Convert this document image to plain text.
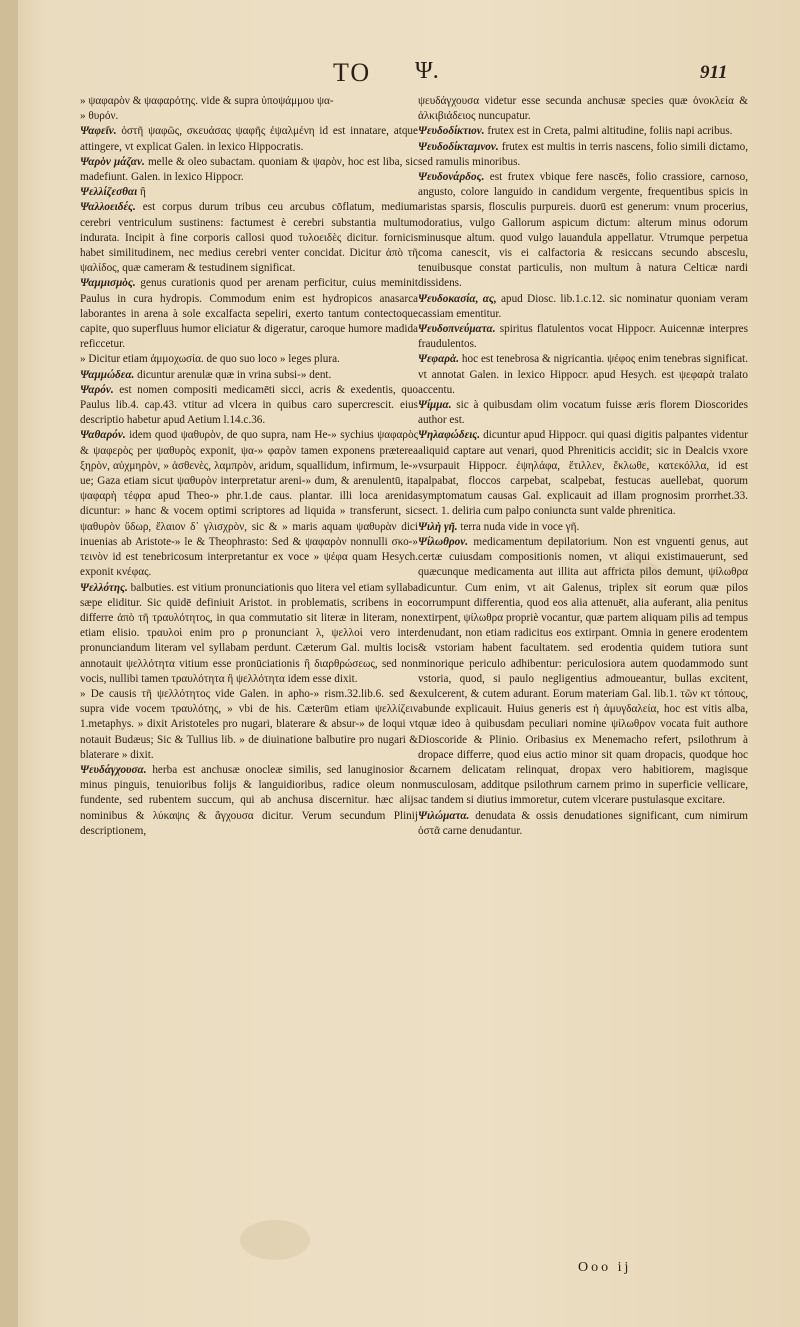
TO Ψ.	911
» ψαφαρὸν & ψαφαρότης. vide & supra ὑποψάμμου ψα-
» θυρόν.
Ψαφεῖν. ὀστῆ ψαφῶς, σκευάσας ψαφῆς ἐψαλμένη id est innatare, atque attingere, vt explicat Galen. in lexico Hippocratis.
Ψαρὸν μάζαν. melle & oleo subactam. quoniam & ψαρὸν, hoc est liba, sic madefiunt. Galen. in lexico Hippocr.
Ψελλίζεσθαι ἢ
Ψαλλοειδές. est corpus durum tribus ceu arcubus cōflatum, medium cerebri ventriculum sustinens: factumest è cerebri substantia multum indurata. Incipit à fine corporis callosi quod τυλοειδὲς dicitur. fornicis habet similitudinem, nec medius cerebri venter concidat. Dicitur ἀπὸ τῆ ψαλίδος, quæ cameram & testudinem significat.
Ψαμμισμὸς. genus curationis quod per arenam perficitur, cuius meminit Paulus in cura hydropis. Commodum enim est hydropicos anasarca laborantes in arena à sole excalfacta sepeliri, exerto tantum contectoque capite, quo superfluus humor eliciatur & digeratur, caroque humore madida reficcetur.
» Dicitur etiam ἀμμοχωσία. de quo suo loco » leges plura.
Ψαμμώδεα. dicuntur arenulæ quæ in vrina subsi-» dent.
Ψαρόν. est nomen compositi medicamēti sicci, acris & exedentis, quo Paulus lib.4. cap.43. vtitur ad vlcera in quibus caro supercrescit. eius descriptio habetur apud Aetium l.14.c.36.
Ψαθαρόν. idem quod ψαθυρὸν, de quo supra, nam He-» sychius ψαφαρὸς & ψαφερὸς per ψαθυρὸς exponit, ψα-» φαρὸν tamen exponens præterea ξηρὸν, αὐχμηρὸν, » ἀσθενὲς, λαμπρὸν, aridum, squallidum, infirmum, le-» ue; Gaza etiam sicut ψαθυρὸν interpretatur areni-» dum, & arenulentū, ita ψαφαρὴ τέφρα apud Theo-» phr.1.de caus. plantar. illi loca arenida dicuntur: » hanc & vocem optimi scriptores ad liquida » transferunt, sic ψαθυρὸν ὕδωρ, ἔλαιον δ᾽ γλισχρὸν, sic & » maris aquam ψαθυρὰν dici inuenias ab Aristote-» le & Theophrasto: Sed & ψαφαρὸν nonnulli σκο-» τεινὸν id est tenebricosum interpretantur ex voce » ψέφα quam Hesych. exponit κνέφας.
Ψελλότης. balbuties. est vitium pronunciationis quo litera vel etiam syllaba sæpe eliditur. Sic quidē definiuit Aristot. in problematis, scribens in eo differre ἀπὸ τῆ τραυλότητος, in qua commutatio sit literæ in literam, non etiam elisio. τραυλοὶ enim pro ρ pronunciant λ, ψελλοὶ vero inter pronunciandum literam vel syllabam perdunt. Cæterum Gal. multis locis annotauit ψελλότητα vitium esse pronūciationis ἢ διαρθρώσεως, sed non vocis, nullibi tamen τραυλότητα ἢ ψελλότητα idem esse dixit.
» De causis τῆ ψελλότητος vide Galen. in apho-» rism.32.lib.6. sed & supra vide vocem τραυλότης, » vbi de his. Cæterūm etiam ψελλίζειν 1.metaphys. » dixit Aristoteles pro nugari, blaterare & absur-» de loqui vt notauit Budæus; Sic & Tullius lib. » de diuinatione balbutire pro nugari & blaterare » dixit.
Ψευδάγχουσα. herba est anchusæ onocleæ similis, sed lanuginosior & minus pinguis, tenuioribus folijs & languidioribus, radice oleum non fundente, sed rubentem succum, qui ab anchusa discernitur. hæc alijs nominibus & λύκαψις & ἄγχουσα dicitur. Verum secundum Plinij descriptionem,
ψευδάγχουσα videtur esse secunda anchusæ species quæ ὀνοκλεία & ἀλκιβιάδειος nuncupatur.
Ψευδοδίκτιον. frutex est in Creta, palmi altitudine, foliis napi acribus.
Ψευδοδίκταμνον. frutex est multis in terris nascens, folio simili dictamo, sed ramulis minoribus.
Ψευδονάρδος. est frutex vbique fere nascēs, folio crassiore, carnoso, angusto, colore languido in candidum vergente, frequentibus spicis in aristas sparsis, flosculis purpureis. duorū est generum: vnum procerius, odoratius, vulgo Gallorum aspicum dictum: alterum minus odorum minusque altum. quod vulgo lauandula appellatur. Vtrumque perpetua coma canescit, vis ei calfactoria & resiccans secundo absceslu, tenuibusque constat particulis, non multum à natura Celticæ nardi dissidens.
Ψευδοκασία, ας, apud Diosc. lib.1.c.12. sic nominatur quoniam veram cassiam ementitur.
Ψευδοπνεύματα. spiritus flatulentos vocat Hippocr. Auicennæ interpres fraudulentos.
Ψεφαρὰ. hoc est tenebrosa & nigricantia. ψέφος enim tenebras significat. vt annotat Galen. in lexico Hippocr. apud Hesych. est ψεφαρὰ tralato accentu.
Ψίμμα. sic à quibusdam olim vocatum fuisse æris florem Dioscorides author est.
Ψηλαφώδεις. dicuntur apud Hippocr. qui quasi digitis palpantes videntur aliquid captare aut venari, quod Phreniticis accidit; sic in Dealcis vxore vsurpauit Hippocr. ἐψηλάφα, ἔτιλλεν, ἔκλωθε, κατεκόλλα, id est palpabat, floccos carpebat, scalpebat, festucas auellebat, quorum symptomatum causas Gal. explicauit ad illam prognosim prorrhet.33. sect. 1. deliria cum palpo coniuncta sunt valde phrenitica.
Ψιλὴ γῆ. terra nuda vide in voce γῆ.
Ψίλωθρον. medicamentum depilatorium. Non est vnguenti genus, aut certæ cuiusdam compositionis nomen, vt aliqui existimauerunt, sed quæcunque medicamenta aut illita aut affricta pilos demunt, ψίλωθρα dicuntur. Cum enim, vt ait Galenus, triplex sit eorum quæ pilos corrumpunt differentia, quod eos alia attenuēt, alia auferant, alia penitus extirpent, ψίλωθρα propriè vocantur, quæ partem aliquam pilis ad tempus denudant, non etiam radicitus eos extirpant. Omnia in genere erodentem & vstoriam habent facultatem. sed erodentia quidem tutiora sunt minorique periculo adhibentur: periculosiora autem quodammodo sunt vstoria, quod, si paulo negligentius admoueantur, bullas excitent, exulcerent, & cutem adurant. Eorum materiam Gal. lib.1. τῶν κτ τόπους, abunde explicauit. Huius generis est ἡ ἀμυγδαλεία, hoc est vitis alba, quæ ideo à quibusdam peculiari nomine ψίλωθρον vocata fuit authore Dioscoride & Plinio. Oribasius ex Menemacho refert, psilothrum à dropace differre, quod eius actio minor sit quam dropacis, quodque hoc carnem delicatam relinquat, dropax vero habitiorem, magisque musculosam, additque psilothrum carnem primo in superficie vellicare, ac tandem si diutius immoretur, cutem vlcerare pustulasque excitare.
Ψιλώματα. denudata & ossis denudationes significant, cum nimirum ὀστᾶ carne denudantur.
Ooo ij
